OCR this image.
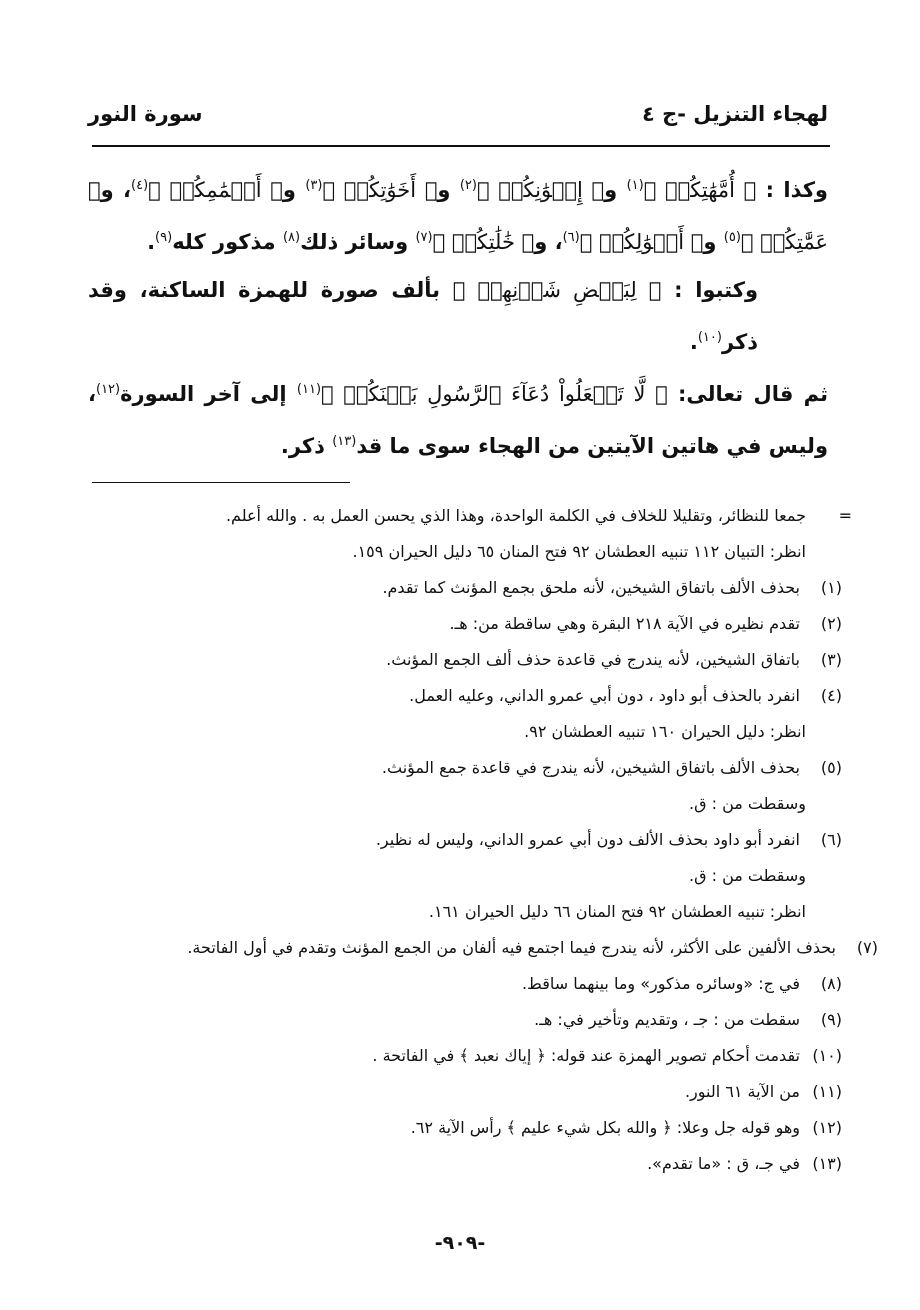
لهجاء التنزيل -ج ٤
سورة النور

وكذا : ﴿ أُمَّهَٰتِكُمۡ ﴾$^{(١)}$ و﴿ إِخۡوَٰنِكُمۡ ﴾$^{(٢)}$ و﴿ أَخَوَٰتِكُمۡ ﴾$^{(٣)}$ و﴿ أَعۡمَٰمِكُمۡ ﴾$^{(٤)}$، و﴿ عَمَّٰتِكُمۡ ﴾$^{(٥)}$ و﴿ أَخۡوَٰلِكُمۡ ﴾$^{(٦)}$، و﴿ خَٰلَٰتِكُمۡ ﴾$^{(٧)}$ وسائر ذلك$^{(٨)}$ مذكور كله$^{(٩)}$.

وكتبوا : ﴿ لِبَعۡضِ شَأۡنِهِمۡ ﴾ بألف صورة للهمزة الساكنة، وقد ذكر$^{(١٠)}$.

ثم قال تعالى: ﴿ لَّا تَجۡعَلُواْ دُعَآءَ ٱلرَّسُولِ بَيۡنَكُمۡ ﴾$^{(١١)}$ إلى آخر السورة$^{(١٢)}$، وليس في هاتين الآيتين من الهجاء سوى ما قد$^{(١٣)}$ ذكر.

=
جمعا للنظائر، وتقليلا للخلاف في الكلمة الواحدة، وهذا الذي يحسن العمل به . والله أعلم.
انظر: التبيان ١١٢ تنبيه العطشان ٩٢ فتح المنان ٦٥ دليل الحيران ١٥٩.
(١)بحذف الألف باتفاق الشيخين، لأنه ملحق بجمع المؤنث كما تقدم.
(٢)تقدم نظيره في الآية ٢١٨ البقرة وهي ساقطة من: هـ.
(٣)باتفاق الشيخين، لأنه يندرج في قاعدة حذف ألف الجمع المؤنث.
(٤)انفرد بالحذف أبو داود ، دون أبي عمرو الداني، وعليه العمل.
انظر: دليل الحيران ١٦٠ تنبيه العطشان ٩٢.
(٥)بحذف الألف باتفاق الشيخين، لأنه يندرج في قاعدة جمع المؤنث.
وسقطت من : ق.
(٦)انفرد أبو داود بحذف الألف دون أبي عمرو الداني، وليس له نظير.
وسقطت من : ق.
انظر: تنبيه العطشان ٩٢ فتح المنان ٦٦ دليل الحيران ١٦١.
(٧)بحذف الألفين على الأكثر، لأنه يندرج فيما اجتمع فيه ألفان من الجمع المؤنث وتقدم في أول الفاتحة.
(٨)في ج: «وسائره مذكور» وما بينهما ساقط.
(٩)سقطت من : جـ ، وتقديم وتأخير في: هـ.
(١٠)تقدمت أحكام تصوير الهمزة عند قوله: ﴿ إياك نعبد ﴾ في الفاتحة .
(١١)من الآية ٦١ النور.
(١٢)وهو قوله جل وعلا: ﴿ والله بكل شيء عليم ﴾ رأس الآية ٦٢.
(١٣)في جـ، ق : «ما تقدم».
-٩٠٩-
